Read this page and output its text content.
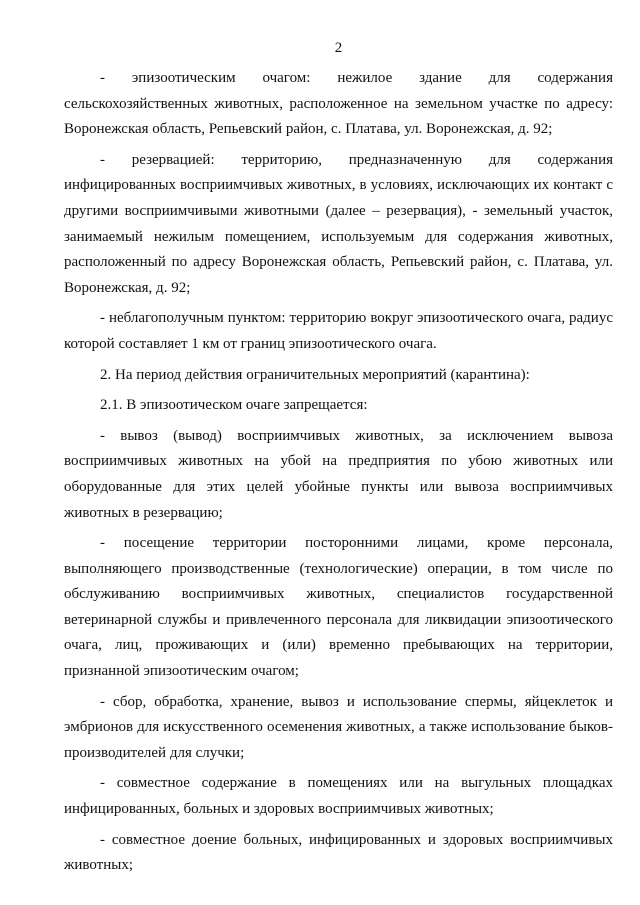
2

- эпизоотическим очагом: нежилое здание для содержания сельскохозяйственных животных, расположенное на земельном участке по адресу: Воронежская область, Репьевский район, с. Платава, ул. Воронежская, д. 92;

- резервацией: территорию, предназначенную для содержания инфицированных восприимчивых животных, в условиях, исключающих их контакт с другими восприимчивыми животными (далее – резервация), - земельный участок, занимаемый нежилым помещением, используемым для содержания животных, расположенный по адресу Воронежская область, Репьевский район, с. Платава, ул. Воронежская, д. 92;

- неблагополучным пунктом: территорию вокруг эпизоотического очага, радиус которой составляет 1 км от границ эпизоотического очага.

2. На период действия ограничительных мероприятий (карантина):

2.1. В эпизоотическом очаге запрещается:

- вывоз (вывод) восприимчивых животных, за исключением вывоза восприимчивых животных на убой на предприятия по убою животных или оборудованные для этих целей убойные пункты или вывоза восприимчивых животных в резервацию;

- посещение территории посторонними лицами, кроме персонала, выполняющего производственные (технологические) операции, в том числе по обслуживанию восприимчивых животных, специалистов государственной ветеринарной службы и привлеченного персонала для ликвидации эпизоотического очага, лиц, проживающих и (или) временно пребывающих на территории, признанной эпизоотическим очагом;

- сбор, обработка, хранение, вывоз и использование спермы, яйцеклеток и эмбрионов для искусственного осеменения животных, а также использование быков-производителей для случки;

- совместное содержание в помещениях или на выгульных площадках инфицированных, больных и здоровых восприимчивых животных;

- совместное доение больных, инфицированных и здоровых восприимчивых животных;
